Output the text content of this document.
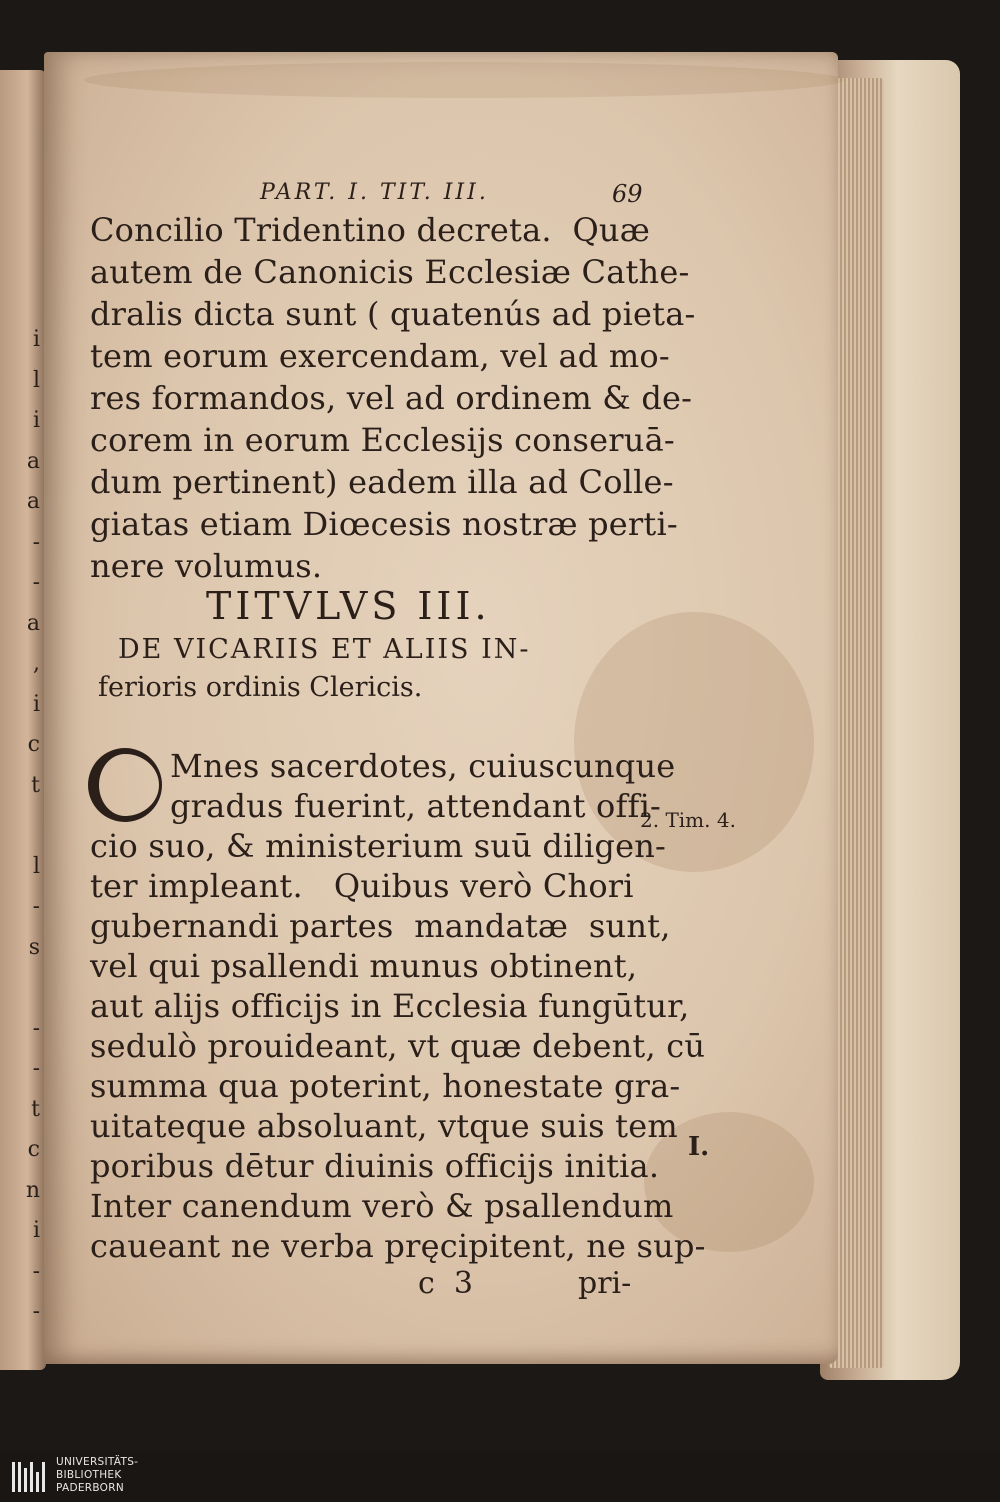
i
l
i
a
a
-
-
a
,
i
c
t

l
-
s

-
-
t
c
n
i
-
-
PART. I. TIT. III.	69
Concilio Tridentino decreta.  Quæ
autem de Canonicis Ecclesiæ Cathe-
dralis dicta sunt ( quatenús ad pieta-
tem eorum exercendam, vel ad mo-
res formandos, vel ad ordinem & de-
corem in eorum Ecclesijs conseruā-
dum pertinent) eadem illa ad Colle-
giatas etiam Diœcesis nostræ perti-
nere volumus.
TITVLVS III.
DE VICARIIS ET ALIIS IN-
ferioris ordinis Clericis.
Mnes sacerdotes, cuiuscunque
gradus fuerint, attendant offi-
cio suo, & ministerium suū diligen-
ter impleant.   Quibus verò Chori
gubernandi partes  mandatæ  sunt,
vel qui psallendi munus obtinent,
aut alijs officijs in Ecclesia fungūtur,
sedulò prouideant, vt quæ debent, cū
summa qua poterint, honestate gra-
uitateque absoluant, vtque suis tem
poribus dētur diuinis officijs initia.
Inter canendum verò & psallendum
caueant ne verba pręcipitent, ne sup-
2. Tim. 4.
I.
c  3	pri-
UNIVERSITÄTS-
BIBLIOTHEK
PADERBORN
